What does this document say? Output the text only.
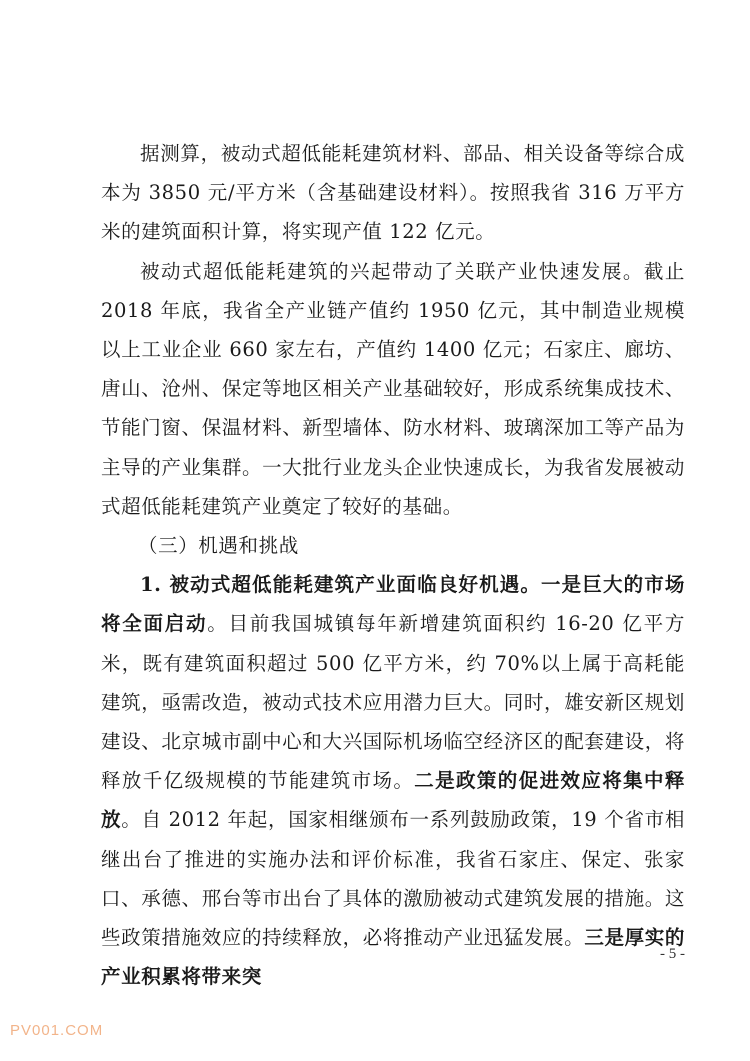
据测算，被动式超低能耗建筑材料、部品、相关设备等综合成本为 3850 元/平方米（含基础建设材料）。按照我省 316 万平方米的建筑面积计算，将实现产值 122 亿元。

被动式超低能耗建筑的兴起带动了关联产业快速发展。截止 2018 年底，我省全产业链产值约 1950 亿元，其中制造业规模以上工业企业 660 家左右，产值约 1400 亿元；石家庄、廊坊、唐山、沧州、保定等地区相关产业基础较好，形成系统集成技术、节能门窗、保温材料、新型墙体、防水材料、玻璃深加工等产品为主导的产业集群。一大批行业龙头企业快速成长，为我省发展被动式超低能耗建筑产业奠定了较好的基础。

（三）机遇和挑战

1. 被动式超低能耗建筑产业面临良好机遇。一是巨大的市场将全面启动。目前我国城镇每年新增建筑面积约 16-20 亿平方米，既有建筑面积超过 500 亿平方米，约 70%以上属于高耗能建筑，亟需改造，被动式技术应用潜力巨大。同时，雄安新区规划建设、北京城市副中心和大兴国际机场临空经济区的配套建设，将释放千亿级规模的节能建筑市场。二是政策的促进效应将集中释放。自 2012 年起，国家相继颁布一系列鼓励政策，19 个省市相继出台了推进的实施办法和评价标准，我省石家庄、保定、张家口、承德、邢台等市出台了具体的激励被动式建筑发展的措施。这些政策措施效应的持续释放，必将推动产业迅猛发展。三是厚实的产业积累将带来突

- 5 -
PV001.COM
